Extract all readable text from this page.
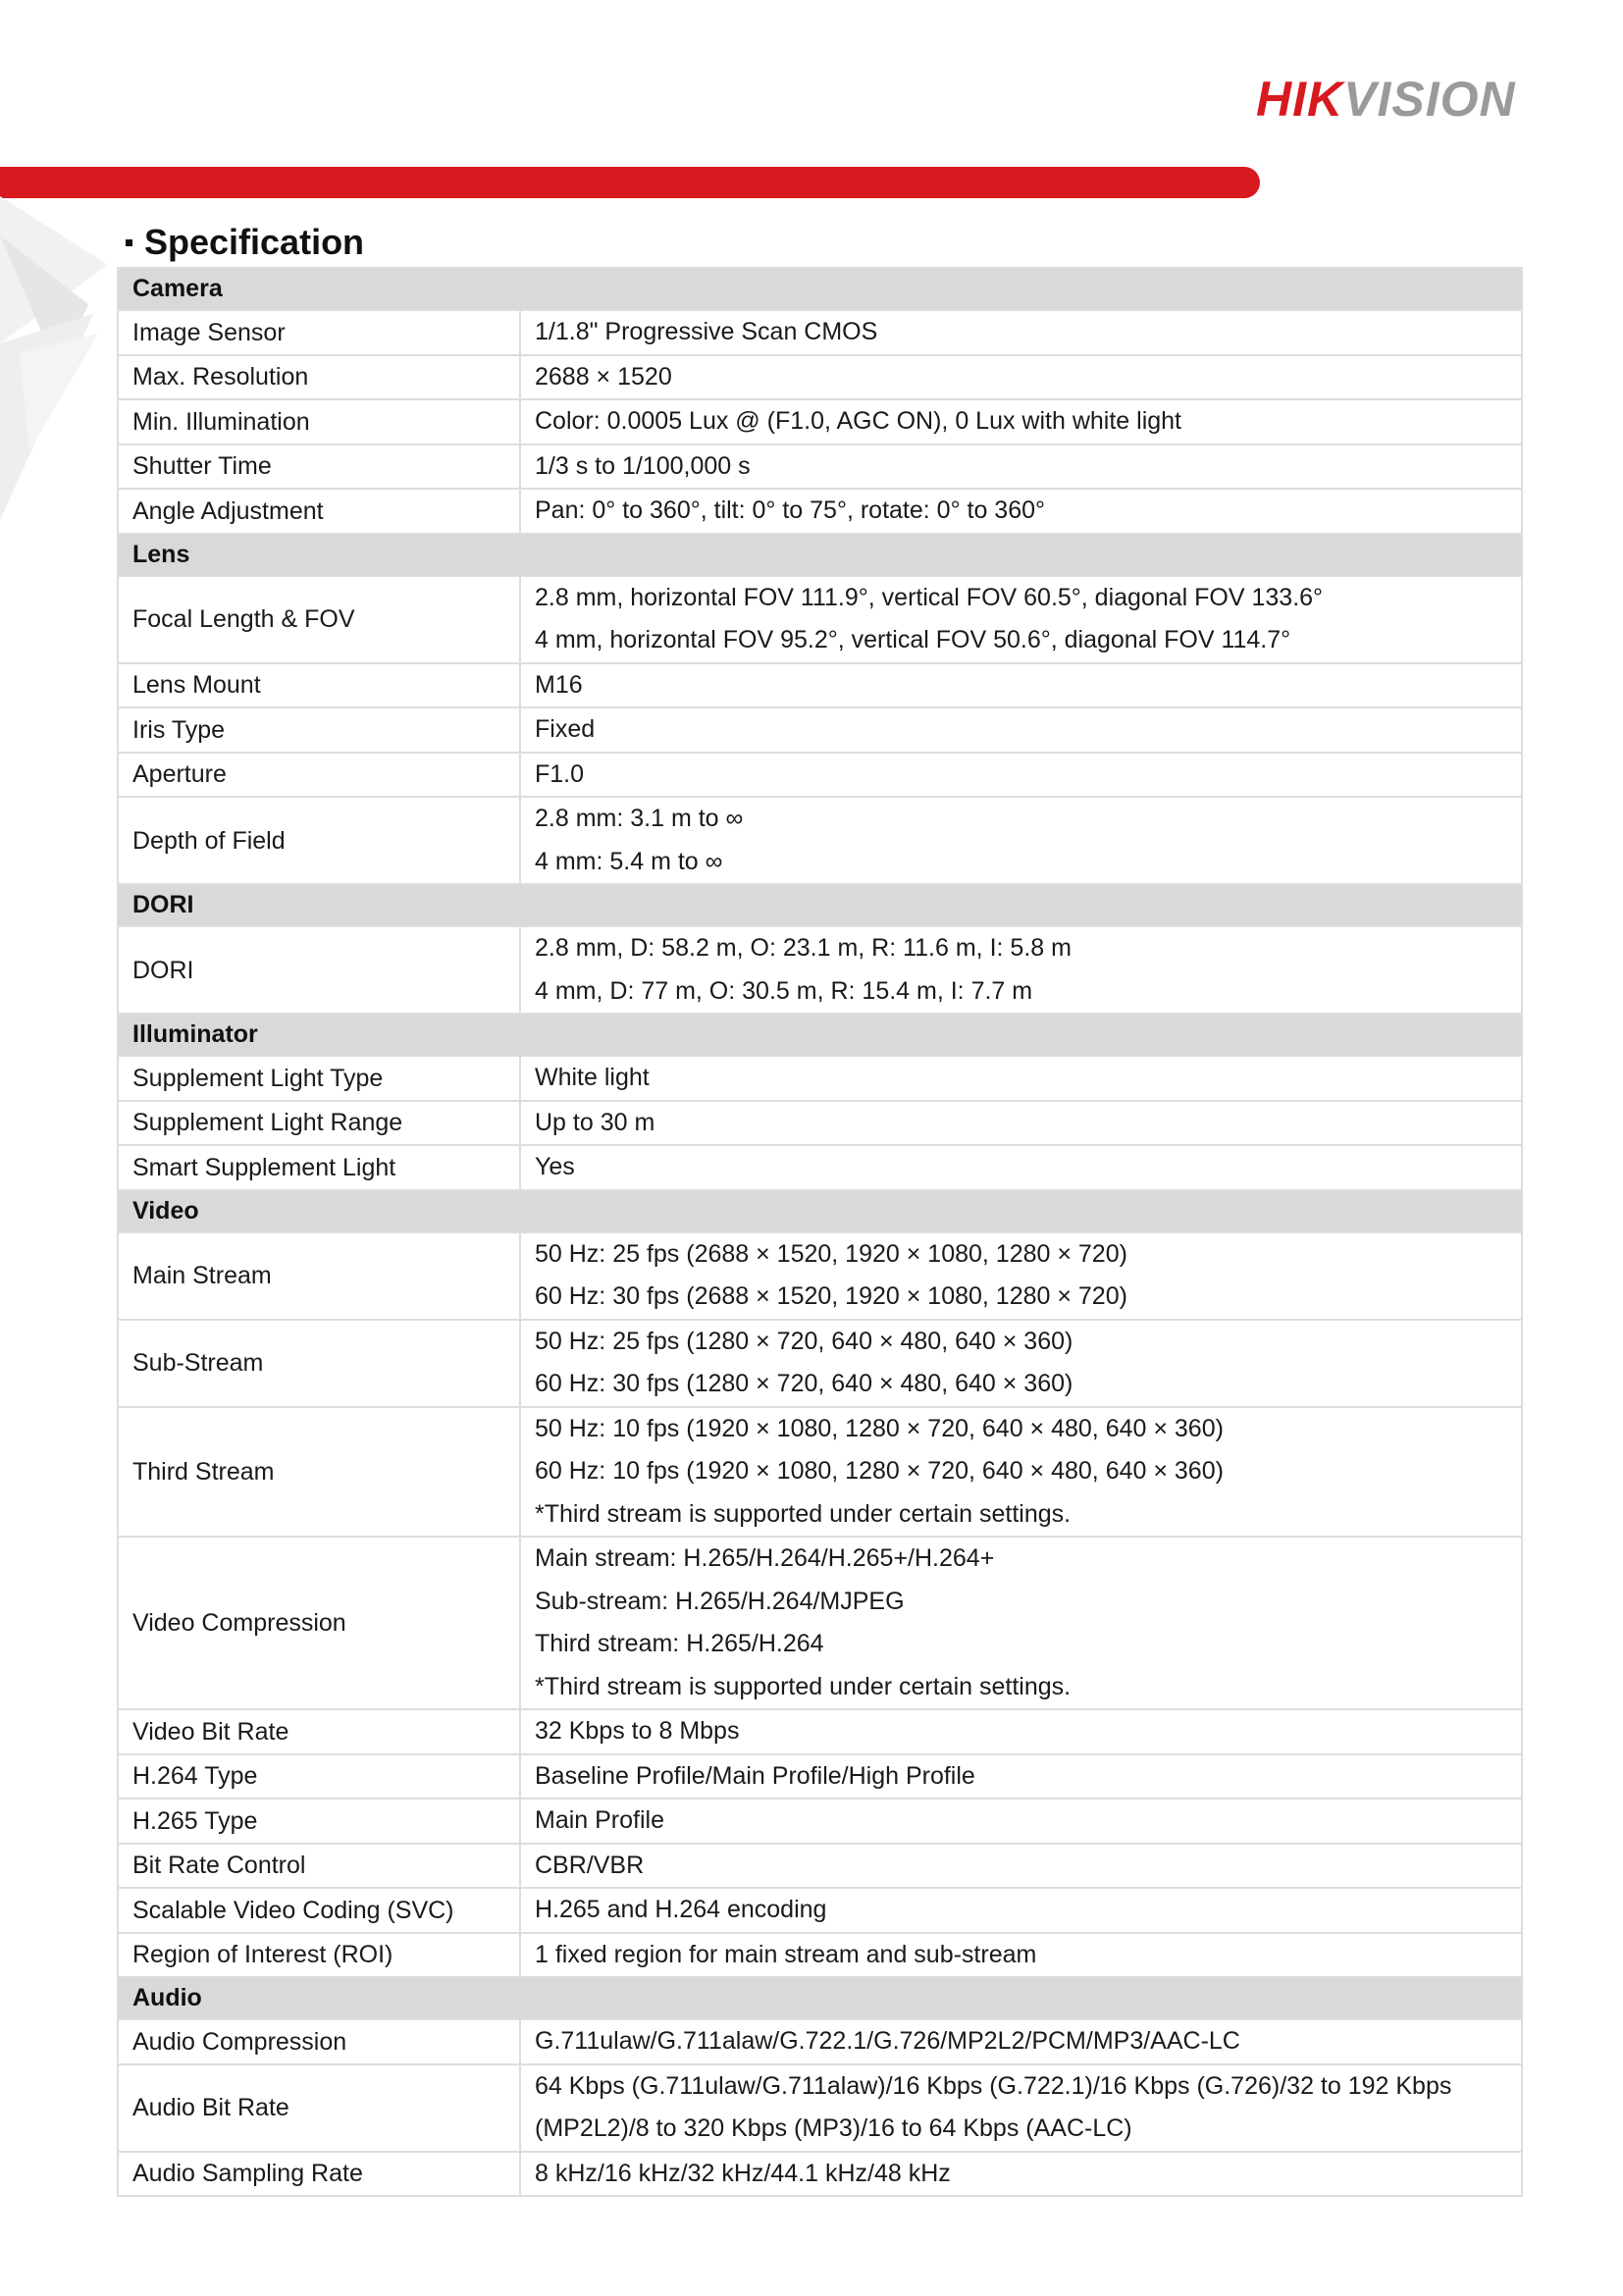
HIKVISION
Specification
Camera	
Image Sensor	1/1.8" Progressive Scan CMOS

Max. Resolution	2688 × 1520

Min. Illumination	Color: 0.0005 Lux @ (F1.0, AGC ON), 0 Lux with white light

Shutter Time	1/3 s to 1/100,000 s

Angle Adjustment	Pan: 0° to 360°, tilt: 0° to 75°, rotate: 0° to 360°

Lens	
Focal Length & FOV	2.8 mm, horizontal FOV 111.9°, vertical FOV 60.5°, diagonal FOV 133.6°
4 mm, horizontal FOV 95.2°, vertical FOV 50.6°, diagonal FOV 114.7°

Lens Mount	M16

Iris Type	Fixed

Aperture	F1.0

Depth of Field	2.8 mm: 3.1 m to ∞
4 mm: 5.4 m to ∞

DORI	
DORI	2.8 mm, D: 58.2 m, O: 23.1 m, R: 11.6 m, I: 5.8 m
4 mm, D: 77 m, O: 30.5 m, R: 15.4 m, I: 7.7 m

Illuminator	
Supplement Light Type	White light

Supplement Light Range	Up to 30 m

Smart Supplement Light	Yes

Video	
Main Stream	50 Hz: 25 fps (2688 × 1520, 1920 × 1080, 1280 × 720)
60 Hz: 30 fps (2688 × 1520, 1920 × 1080, 1280 × 720)

Sub-Stream	50 Hz: 25 fps (1280 × 720, 640 × 480, 640 × 360)
60 Hz: 30 fps (1280 × 720, 640 × 480, 640 × 360)

Third Stream	50 Hz: 10 fps (1920 × 1080, 1280 × 720, 640 × 480, 640 × 360)
60 Hz: 10 fps (1920 × 1080, 1280 × 720, 640 × 480, 640 × 360)
*Third stream is supported under certain settings.

Video Compression	Main stream: H.265/H.264/H.265+/H.264+
Sub-stream: H.265/H.264/MJPEG
Third stream: H.265/H.264
*Third stream is supported under certain settings.

Video Bit Rate	32 Kbps to 8 Mbps

H.264 Type	Baseline Profile/Main Profile/High Profile

H.265 Type	Main Profile

Bit Rate Control	CBR/VBR

Scalable Video Coding (SVC)	H.265 and H.264 encoding

Region of Interest (ROI)	1 fixed region for main stream and sub-stream

Audio	
Audio Compression	G.711ulaw/G.711alaw/G.722.1/G.726/MP2L2/PCM/MP3/AAC-LC

Audio Bit Rate	64 Kbps (G.711ulaw/G.711alaw)/16 Kbps (G.722.1)/16 Kbps (G.726)/32 to 192 Kbps
(MP2L2)/8 to 320 Kbps (MP3)/16 to 64 Kbps (AAC-LC)

Audio Sampling Rate	8 kHz/16 kHz/32 kHz/44.1 kHz/48 kHz
